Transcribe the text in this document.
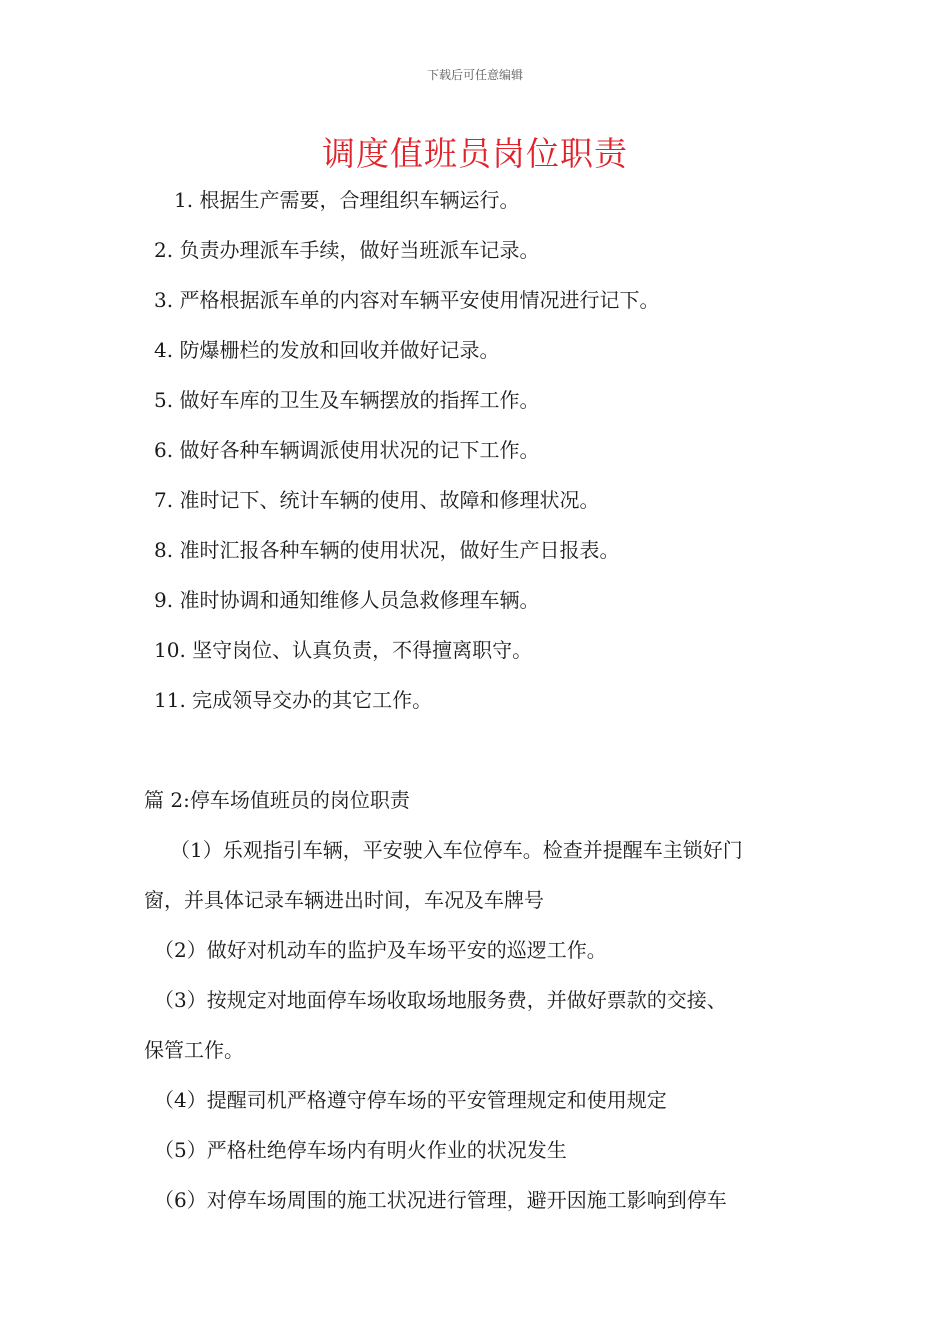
下载后可任意编辑
调度值班员岗位职责
1. 根据生产需要，合理组织车辆运行。
2. 负责办理派车手续，做好当班派车记录。
3. 严格根据派车单的内容对车辆平安使用情况进行记下。
4. 防爆栅栏的发放和回收并做好记录。
5. 做好车库的卫生及车辆摆放的指挥工作。
6. 做好各种车辆调派使用状况的记下工作。
7. 准时记下、统计车辆的使用、故障和修理状况。
8. 准时汇报各种车辆的使用状况，做好生产日报表。
9. 准时协调和通知维修人员急救修理车辆。
10. 坚守岗位、认真负责，不得擅离职守。
11. 完成领导交办的其它工作。
篇 2:停车场值班员的岗位职责
（1）乐观指引车辆，平安驶入车位停车。检查并提醒车主锁好门
窗，并具体记录车辆进出时间，车况及车牌号
（2）做好对机动车的监护及车场平安的巡逻工作。
（3）按规定对地面停车场收取场地服务费，并做好票款的交接、
保管工作。
（4）提醒司机严格遵守停车场的平安管理规定和使用规定
（5）严格杜绝停车场内有明火作业的状况发生
（6）对停车场周围的施工状况进行管理，避开因施工影响到停车
